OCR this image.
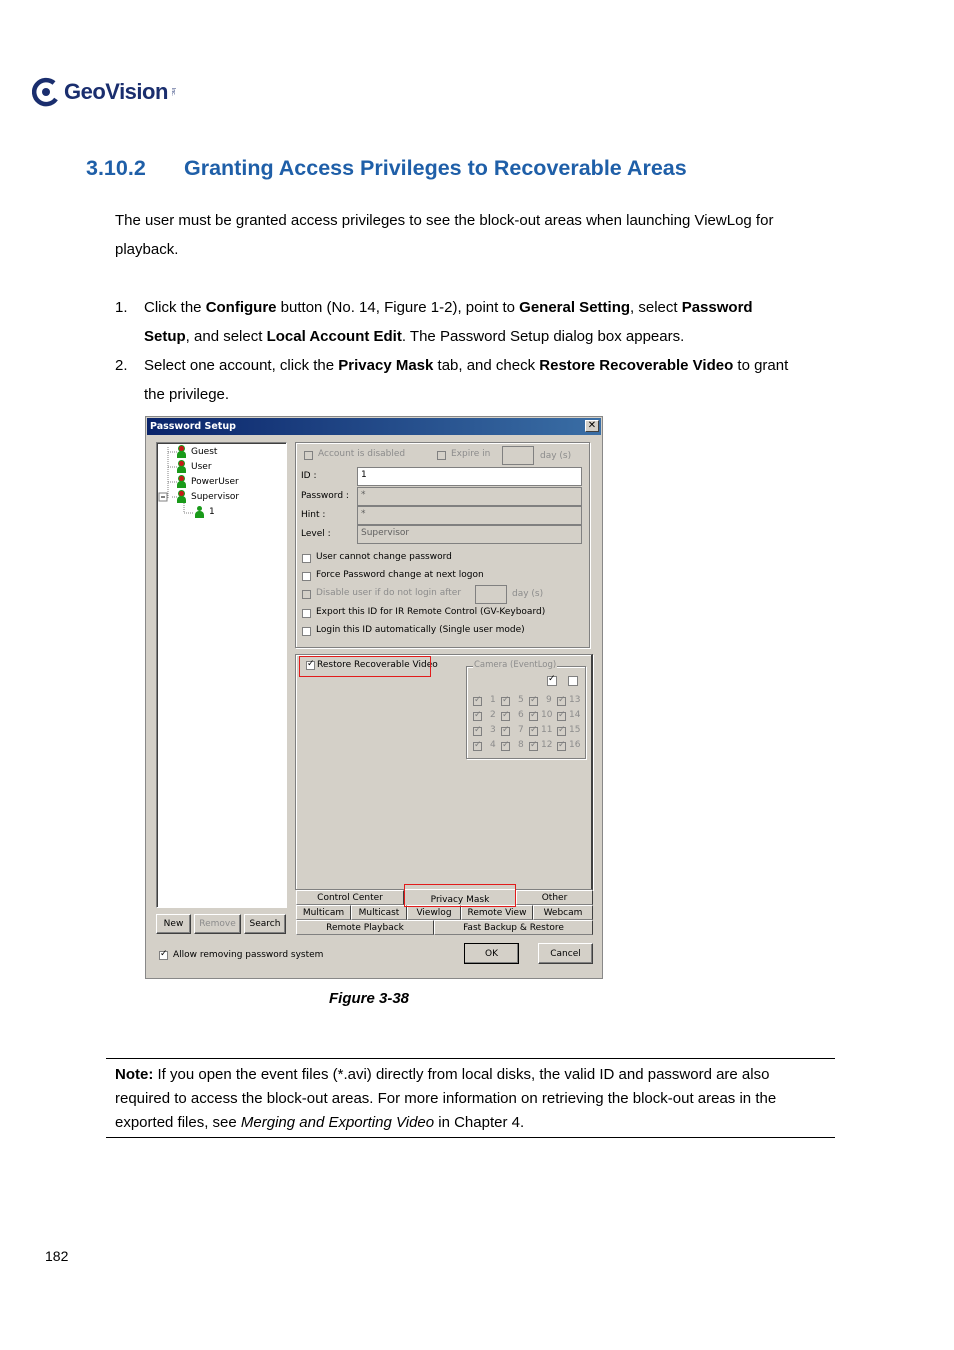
GeoVision Inc.
3.10.2 Granting Access Privileges to Recoverable Areas
The user must be granted access privileges to see the block-out areas when launching ViewLog for
playback.
1. Click the Configure button (No. 14, Figure 1-2), point to General Setting, select Password
Setup, and select Local Account Edit. The Password Setup dialog box appears.
2. Select one account, click the Privacy Mask tab, and check Restore Recoverable Video to grant
the privilege.
Password Setup	✕
Guest
User
PowerUser
Supervisor
1
New	Remove	Search
Account is disabled	Expire in	day (s)
ID :	1
Password :	*
Hint :	*
Level :	Supervisor
User cannot change password
Force Password change at next logon
Disable user if do not login after	day (s)
Export this ID for IR Remote Control (GV-Keyboard)
Login this ID automatically (Single user mode)
✓
Restore Recoverable Video	Camera (EventLog)
✓
✓
1 ✓ 5 ✓ 9 ✓ 13
✓
2 ✓ 6 ✓ 10 ✓ 14
✓
3 ✓ 7 ✓ 11 ✓ 15
✓
4 ✓ 8 ✓ 12 ✓ 16
Control Center	Privacy Mask	Other
Multicam	Multicast	Viewlog	Remote View	Webcam
Remote Playback	Fast Backup & Restore
✓
Allow removing password system	OK	Cancel
Figure 3-38
Note: If you open the event files (*.avi) directly from local disks, the valid ID and password are also required to access the block-out areas. For more information on retrieving the block-out areas in the exported files, see Merging and Exporting Video in Chapter 4.
182
